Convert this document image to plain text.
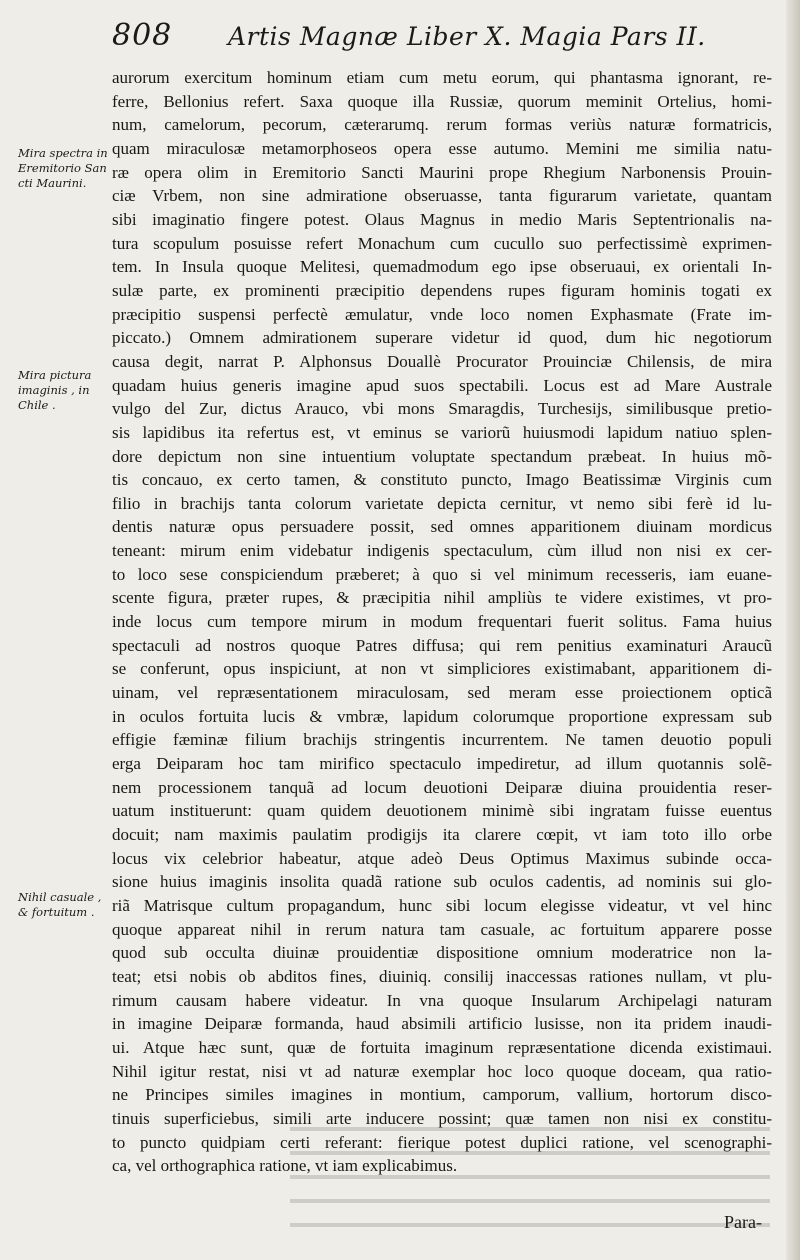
808 Artis Magnæ Liber X. Magia Pars II.
Mira spectra in
Eremitorio San
cti Maurini.
Mira pictura
imaginis , in
Chile .
Nihil casuale ,
& fortuitum .
aurorum exercitum hominum etiam cum metu eorum, qui phantasma ignorant, re-
ferre, Bellonius refert. Saxa quoque illa Russiæ, quorum meminit Ortelius, homi-
num, camelorum, pecorum, cæterarumq. rerum formas veriùs naturæ formatricis,
quam miraculosæ metamorphoseos opera esse autumo. Memini me similia natu-
ræ opera olim in Eremitorio Sancti Maurini prope Rhegium Narbonensis Prouin-
ciæ Vrbem, non sine admiratione obseruasse, tanta figurarum varietate, quantam
sibi imaginatio fingere potest. Olaus Magnus in medio Maris Septentrionalis na-
tura scopulum posuisse refert Monachum cum cucullo suo perfectissimè exprimen-
tem. In Insula quoque Melitesi, quemadmodum ego ipse obseruaui, ex orientali In-
sulæ parte, ex prominenti præcipitio dependens rupes figuram hominis togati ex
præcipitio suspensi perfectè æmulatur, vnde loco nomen Exphasmate (Frate im-
piccato.) Omnem admirationem superare videtur id quod, dum hic negotiorum
causa degit, narrat P. Alphonsus Douallè Procurator Prouinciæ Chilensis, de mira
quadam huius generis imagine apud suos spectabili. Locus est ad Mare Australe
vulgo del Zur, dictus Arauco, vbi mons Smaragdis, Turchesijs, similibusque pretio-
sis lapidibus ita refertus est, vt eminus se variorũ huiusmodi lapidum natiuo splen-
dore depictum non sine intuentium voluptate spectandum præbeat. In huius mõ-
tis concauo, ex certo tamen, & constituto puncto, Imago Beatissimæ Virginis cum
filio in brachijs tanta colorum varietate depicta cernitur, vt nemo sibi ferè id lu-
dentis naturæ opus persuadere possit, sed omnes apparitionem diuinam mordicus
teneant: mirum enim videbatur indigenis spectaculum, cùm illud non nisi ex cer-
to loco sese conspiciendum præberet; à quo si vel minimum recesseris, iam euane-
scente figura, præter rupes, & præcipitia nihil ampliùs te videre existimes, vt pro-
inde locus cum tempore mirum in modum frequentari fuerit solitus. Fama huius
spectaculi ad nostros quoque Patres diffusa; qui rem penitius examinaturi Araucũ
se conferunt, opus inspiciunt, at non vt simpliciores existimabant, apparitionem di-
uinam, vel repræsentationem miraculosam, sed meram esse proiectionem opticã
in oculos fortuita lucis & vmbræ, lapidum colorumque proportione expressam sub
effigie fæminæ filium brachijs stringentis incurrentem. Ne tamen deuotio populi
erga Deiparam hoc tam mirifico spectaculo impediretur, ad illum quotannis solẽ-
nem processionem tanquã ad locum deuotioni Deiparæ diuina prouidentia reser-
uatum instituerunt: quam quidem deuotionem minimè sibi ingratam fuisse euentus
docuit; nam maximis paulatim prodigijs ita clarere cœpit, vt iam toto illo orbe
locus vix celebrior habeatur, atque adeò Deus Optimus Maximus subinde occa-
sione huius imaginis insolita quadã ratione sub oculos cadentis, ad nominis sui glo-
riã Matrisque cultum propagandum, hunc sibi locum elegisse videatur, vt vel hinc
quoque appareat nihil in rerum natura tam casuale, ac fortuitum apparere posse
quod sub occulta diuinæ prouidentiæ dispositione omnium moderatrice non la-
teat; etsi nobis ob abditos fines, diuiniq. consilij inaccessas rationes nullam, vt plu-
rimum causam habere videatur. In vna quoque Insularum Archipelagi naturam
in imagine Deiparæ formanda, haud absimili artificio lusisse, non ita pridem inaudi-
ui. Atque hæc sunt, quæ de fortuita imaginum repræsentatione dicenda existimaui.
Nihil igitur restat, nisi vt ad naturæ exemplar hoc loco quoque doceam, qua ratio-
ne Principes similes imagines in montium, camporum, vallium, hortorum disco-
tinuis superficiebus, simili arte inducere possint; quæ tamen non nisi ex constitu-
to puncto quidpiam certi referant: fierique potest duplici ratione, vel scenographi-
ca, vel orthographica ratione, vt iam explicabimus.
Para-
